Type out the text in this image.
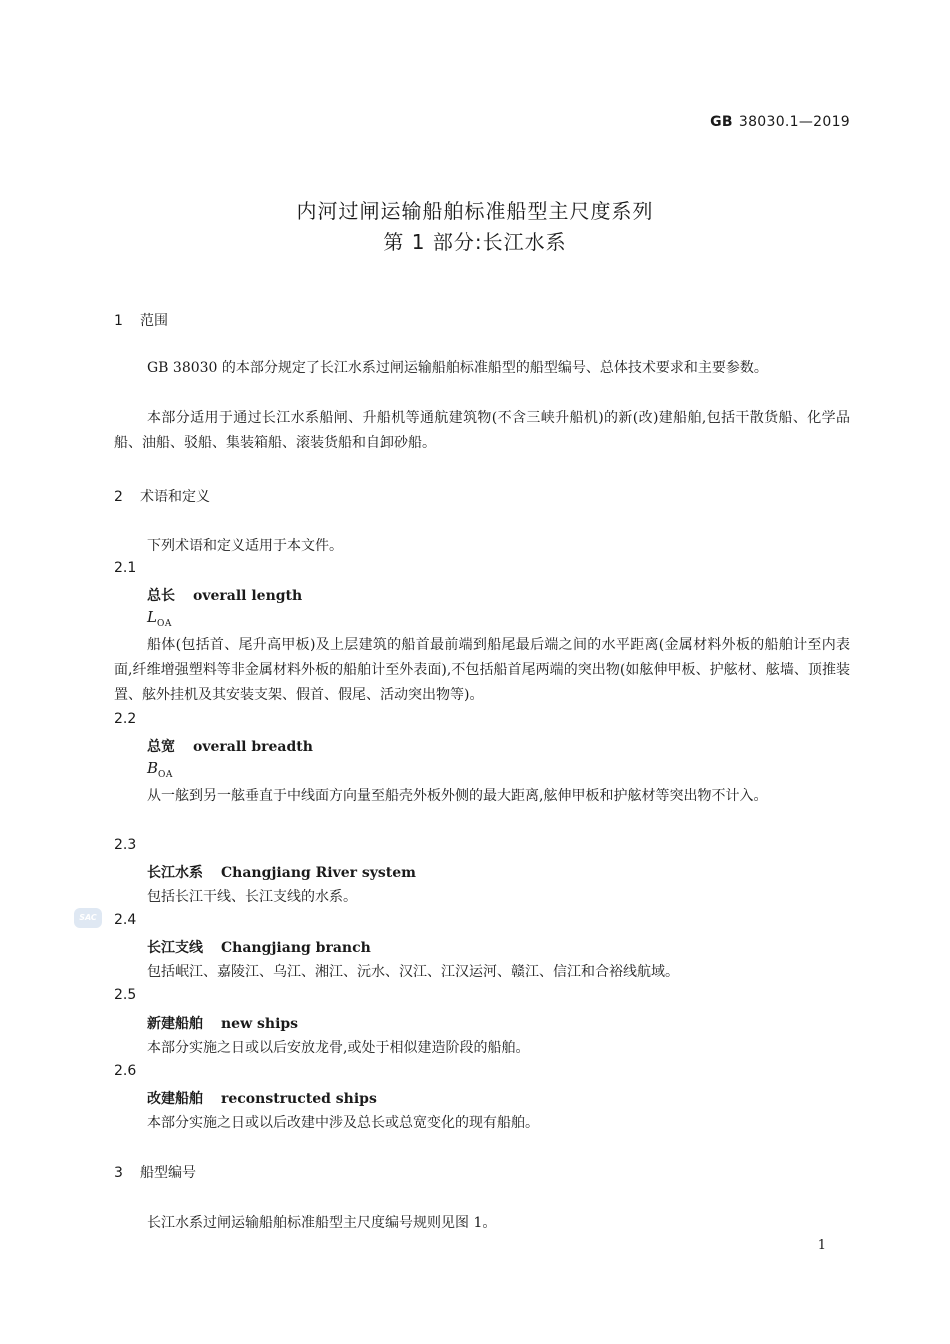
GB 38030.1—2019
内河过闸运输船舶标准船型主尺度系列
第 1 部分:长江水系
1 范围
GB 38030 的本部分规定了长江水系过闸运输船舶标准船型的船型编号、总体技术要求和主要参数。
本部分适用于通过长江水系船闸、升船机等通航建筑物(不含三峡升船机)的新(改)建船舶,包括干散货船、化学品船、油船、驳船、集装箱船、滚装货船和自卸砂船。
2 术语和定义
下列术语和定义适用于本文件。
2.1
总长 overall length
$L_{OA}$
船体(包括首、尾升高甲板)及上层建筑的船首最前端到船尾最后端之间的水平距离(金属材料外板的船舶计至内表面,纤维增强塑料等非金属材料外板的船舶计至外表面),不包括船首尾两端的突出物(如舷伸甲板、护舷材、舷墙、顶推装置、舷外挂机及其安装支架、假首、假尾、活动突出物等)。
2.2
总宽 overall breadth
$B_{OA}$
从一舷到另一舷垂直于中线面方向量至船壳外板外侧的最大距离,舷伸甲板和护舷材等突出物不计入。
2.3
长江水系 Changjiang River system
包括长江干线、长江支线的水系。
SAC	2.4
长江支线 Changjiang branch
包括岷江、嘉陵江、乌江、湘江、沅水、汉江、江汉运河、赣江、信江和合裕线航域。
2.5
新建船舶 new ships
本部分实施之日或以后安放龙骨,或处于相似建造阶段的船舶。
2.6
改建船舶 reconstructed ships
本部分实施之日或以后改建中涉及总长或总宽变化的现有船舶。
3 船型编号
长江水系过闸运输船舶标准船型主尺度编号规则见图 1。
1
